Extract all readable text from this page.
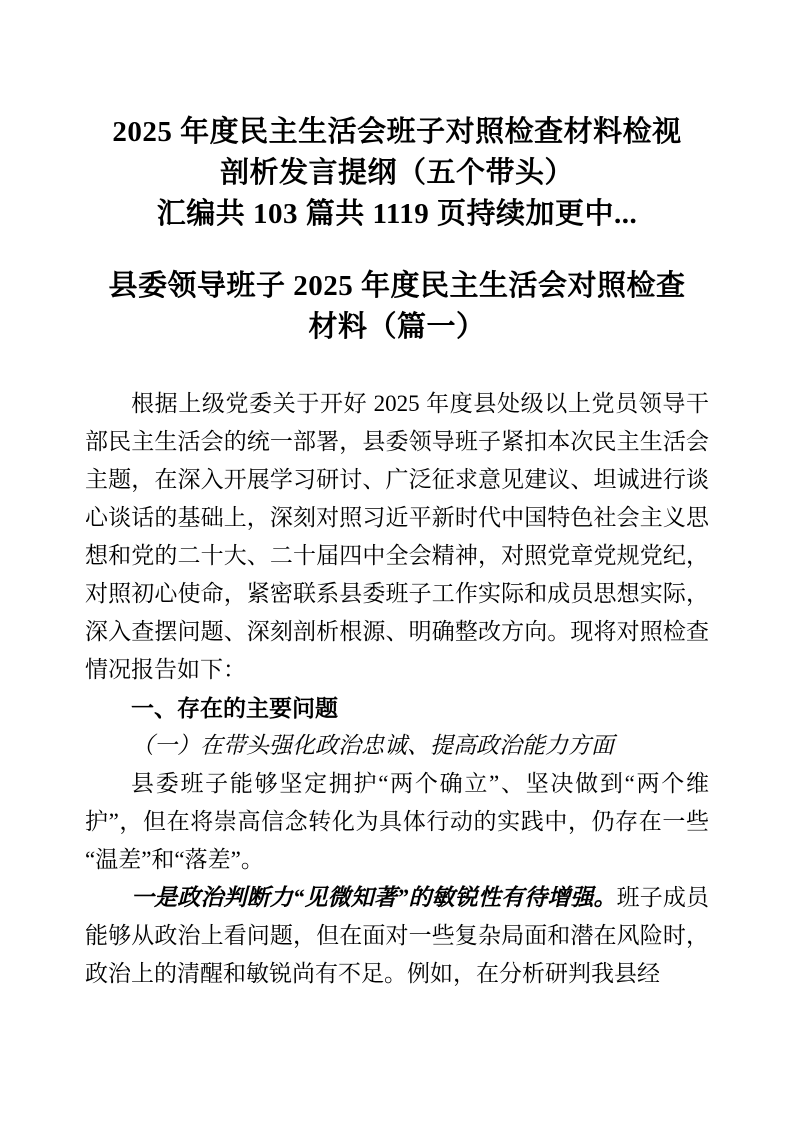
2025 年度民主生活会班子对照检查材料检视
剖析发言提纲（五个带头）
汇编共 103 篇共 1119 页持续加更中...
县委领导班子 2025 年度民主生活会对照检查
材料（篇一）

根据上级党委关于开好 2025 年度县处级以上党员领导干部民主生活会的统一部署，县委领导班子紧扣本次民主生活会主题，在深入开展学习研讨、广泛征求意见建议、坦诚进行谈心谈话的基础上，深刻对照习近平新时代中国特色社会主义思想和党的二十大、二十届四中全会精神，对照党章党规党纪，对照初心使命，紧密联系县委班子工作实际和成员思想实际，深入查摆问题、深刻剖析根源、明确整改方向。现将对照检查情况报告如下：

一、存在的主要问题

（一）在带头强化政治忠诚、提高政治能力方面

县委班子能够坚定拥护“两个确立”、坚决做到“两个维护”，但在将崇高信念转化为具体行动的实践中，仍存在一些“温差”和“落差”。

一是政治判断力“见微知著”的敏锐性有待增强。班子成员能够从政治上看问题，但在面对一些复杂局面和潜在风险时，政治上的清醒和敏锐尚有不足。例如，在分析研判我县经
